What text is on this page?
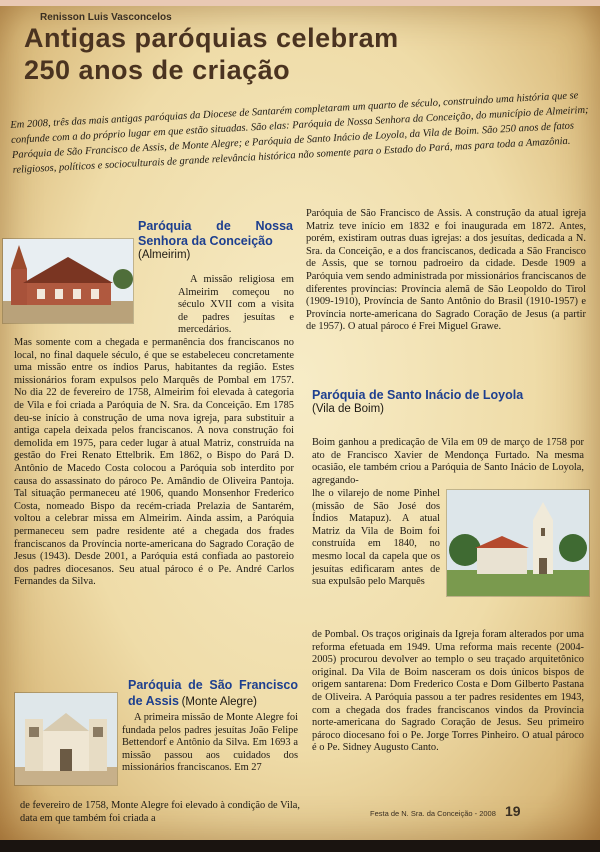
Renisson Luis Vasconcelos
Antigas paróquias celebram
250 anos de criação
Em 2008, três das mais antigas paróquias da Diocese de Santarém completaram um quarto de século, construindo uma história que se confunde com a do próprio lugar em que estão situadas. São elas: Paróquia de Nossa Senhora da Conceição, do município de Almeirim; Paróquia de São Francisco de Assis, de Monte Alegre; e Paróquia de Santo Inácio de Loyola, da Vila de Boim. São 250 anos de fatos religiosos, políticos e socioculturais de grande relevância histórica não somente para o Estado do Pará, mas para toda a Amazônia.
Paróquia de Nossa Senhora da Conceição
(Almeirim)
A missão religiosa em Almeirim começou no século XVII com a visita de padres jesuítas e mercedários.
Mas somente com a chegada e permanência dos franciscanos no local, no final daquele século, é que se estabeleceu concretamente uma missão entre os índios Parus, habitantes da região. Estes missionários foram expulsos pelo Marquês de Pombal em 1757. No dia 22 de fevereiro de 1758, Almeirim foi elevada à categoria de Vila e foi criada a Paróquia de N. Sra. da Conceição. Em 1785 deu-se início à construção de uma nova igreja, para substituir a antiga capela deixada pelos franciscanos. A nova construção foi demolida em 1975, para ceder lugar à atual Matriz, construída na gestão do Frei Renato Ettelbrik. Em 1862, o Bispo do Pará D. Antônio de Macedo Costa colocou a Paróquia sob interdito por causa do assassinato do pároco Pe. Amândio de Oliveira Pantoja. Tal situação permaneceu até 1906, quando Monsenhor Frederico Costa, nomeado Bispo da recém-criada Prelazia de Santarém, voltou a celebrar missa em Almeirim. Ainda assim, a Paróquia permaneceu sem padre residente até a chegada dos frades franciscanos da Província norte-americana do Sagrado Coração de Jesus (1943). Desde 2001, a Paróquia está confiada ao pastoreio dos padres diocesanos. Seu atual pároco é o Pe. André Carlos Fernandes da Silva.
Paróquia de São Francisco de Assis (Monte Alegre)
A primeira missão de Monte Alegre foi fundada pelos padres jesuítas João Felipe Bettendorf e Antônio da Silva. Em 1693 a missão passou aos cuidados dos missionários franciscanos. Em 27
de fevereiro de 1758, Monte Alegre foi elevado à condição de Vila, data em que também foi criada a
Paróquia de São Francisco de Assis. A construção da atual igreja Matriz teve início em 1832 e foi inaugurada em 1872. Antes, porém, existiram outras duas igrejas: a dos jesuítas, dedicada a N. Sra. da Conceição, e a dos franciscanos, dedicada a São Francisco de Assis, que se tornou padroeiro da cidade. Desde 1909 a Paróquia vem sendo administrada por missionários franciscanos de diferentes províncias: Província alemã de São Leopoldo do Tirol (1909-1910), Província de Santo Antônio do Brasil (1910-1957) e Província norte-americana do Sagrado Coração de Jesus (a partir de 1957). O atual pároco é Frei Miguel Grawe.
Paróquia de Santo Inácio de Loyola
(Vila de Boim)
Boim ganhou a predicação de Vila em 09 de março de 1758 por ato de Francisco Xavier de Mendonça Furtado. Na mesma ocasião, ele também criou a Paróquia de Santo Inácio de Loyola, agregando-
lhe o vilarejo de nome Pinhel (missão de São José dos Índios Matapuz). A atual Matriz da Vila de Boim foi construída em 1840, no mesmo local da capela que os jesuítas edificaram antes de sua expulsão pelo Marquês
de Pombal. Os traços originais da Igreja foram alterados por uma reforma efetuada em 1949. Uma reforma mais recente (2004-2005) procurou devolver ao templo o seu traçado arquitetônico original. Da Vila de Boim nasceram os dois únicos bispos de origem santarena: Dom Frederico Costa e Dom Gilberto Pastana de Oliveira. A Paróquia passou a ter padres residentes em 1943, com a chegada dos frades franciscanos vindos da Província norte-americana do Sagrado Coração de Jesus. Seu primeiro pároco diocesano foi o Pe. Jorge Torres Pinheiro. O atual pároco é o Pe. Sidney Augusto Canto.
Festa de N. Sra. da Conceição - 2008 19
